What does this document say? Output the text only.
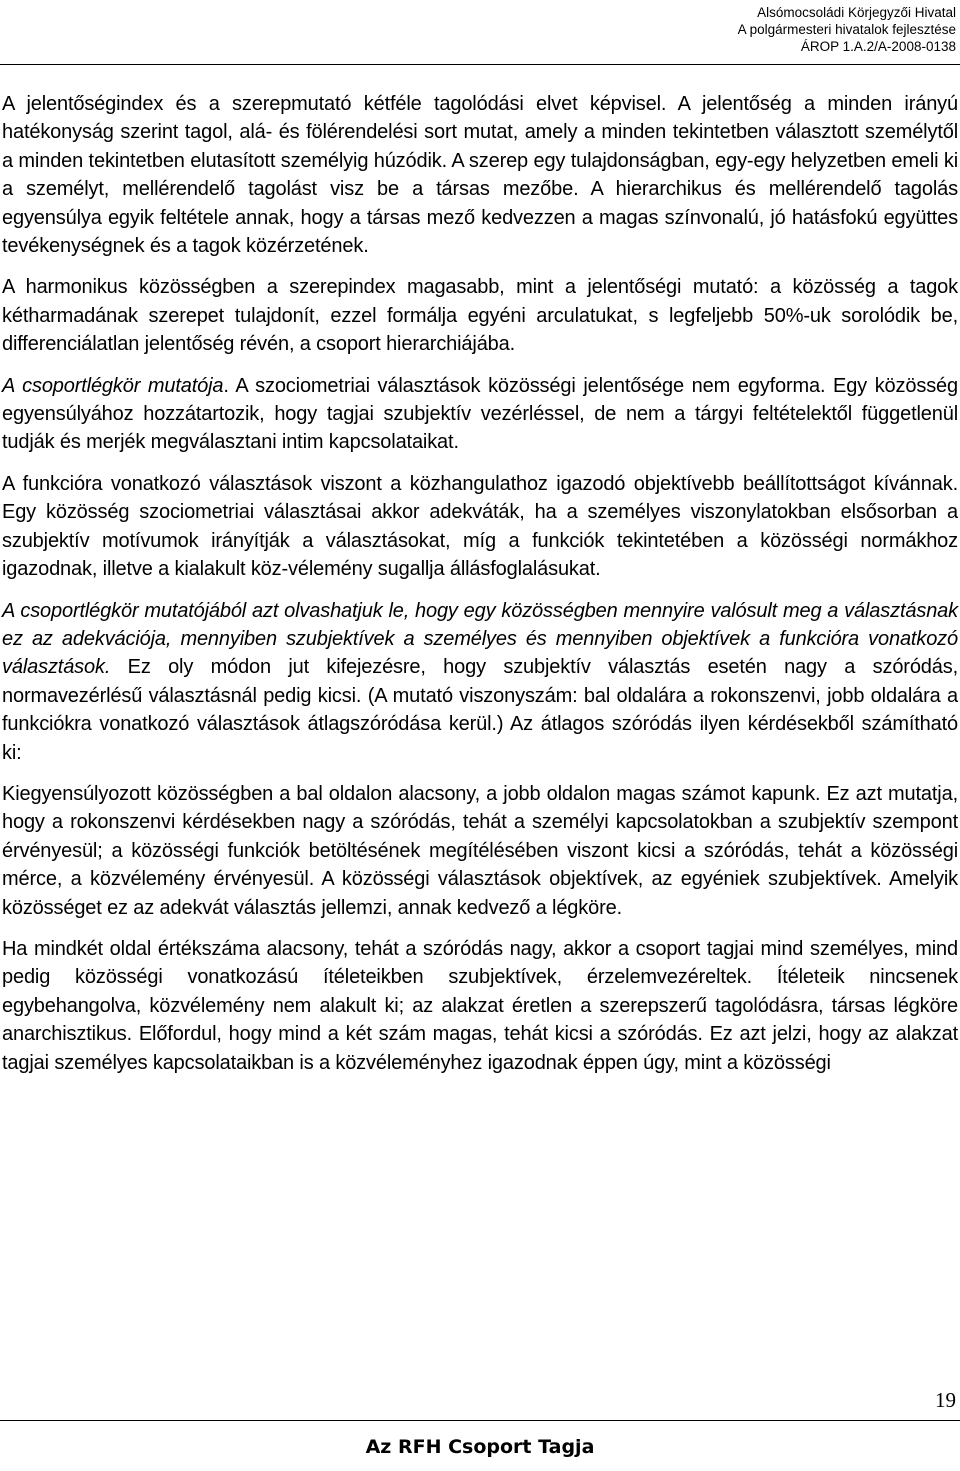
Alsómocsoládi Körjegyzői Hivatal
A polgármesteri hivatalok fejlesztése
ÁROP 1.A.2/A-2008-0138

A jelentőségindex és a szerepmutató kétféle tagolódási elvet képvisel. A jelentőség a minden irányú hatékonyság szerint tagol, alá- és fölérendelési sort mutat, amely a minden tekintetben választott személytől a minden tekintetben elutasított személyig húzódik. A szerep egy tulajdonságban, egy-egy helyzetben emeli ki a személyt, mellérendelő tagolást visz be a társas mezőbe. A hierarchikus és mellérendelő tagolás egyensúlya egyik feltétele annak, hogy a társas mező kedvezzen a magas színvonalú, jó hatásfokú együttes tevékenységnek és a tagok közérzetének.

A harmonikus közösségben a szerepindex magasabb, mint a jelentőségi mutató: a közösség a tagok kétharmadának szerepet tulajdonít, ezzel formálja egyéni arculatukat, s legfeljebb 50%-uk sorolódik be, differenciálatlan jelentőség révén, a csoport hierarchiájába.

A csoportlégkör mutatója. A szociometriai választások közösségi jelentősége nem egyforma. Egy közösség egyensúlyához hozzátartozik, hogy tagjai szubjektív vezérléssel, de nem a tárgyi feltételektől függetlenül tudják és merjék megválasztani intim kapcsolataikat.

A funkcióra vonatkozó választások viszont a közhangulathoz igazodó objektívebb beállítottságot kívánnak. Egy közösség szociometriai választásai akkor adekváták, ha a személyes viszonylatokban elsősorban a szubjektív motívumok irányítják a választásokat, míg a funkciók tekintetében a közösségi normákhoz igazodnak, illetve a kialakult köz-vélemény sugallja állásfoglalásukat.

A csoportlégkör mutatójából azt olvashatjuk le, hogy egy közösségben mennyire valósult meg a választásnak ez az adekvációja, mennyiben szubjektívek a személyes és mennyiben objektívek a funkcióra vonatkozó választások. Ez oly módon jut kifejezésre, hogy szubjektív választás esetén nagy a szóródás, normavezérlésű választásnál pedig kicsi. (A mutató viszonyszám: bal oldalára a rokonszenvi, jobb oldalára a funkciókra vonatkozó választások átlagszóródása kerül.) Az átlagos szóródás ilyen kérdésekből számítható ki:

Kiegyensúlyozott közösségben a bal oldalon alacsony, a jobb oldalon magas számot kapunk. Ez azt mutatja, hogy a rokonszenvi kérdésekben nagy a szóródás, tehát a személyi kapcsolatokban a szubjektív szempont érvényesül; a közösségi funkciók betöltésének megítélésében viszont kicsi a szóródás, tehát a közösségi mérce, a közvélemény érvényesül. A közösségi választások objektívek, az egyéniek szubjektívek. Amelyik közösséget ez az adekvát választás jellemzi, annak kedvező a légköre.

Ha mindkét oldal értékszáma alacsony, tehát a szóródás nagy, akkor a csoport tagjai mind személyes, mind pedig közösségi vonatkozású ítéleteikben szubjektívek, érzelemvezéreltek. Ítéleteik nincsenek egybehangolva, közvélemény nem alakult ki; az alakzat éretlen a szerepszerű tagolódásra, társas légköre anarchisztikus. Előfordul, hogy mind a két szám magas, tehát kicsi a szóródás. Ez azt jelzi, hogy az alakzat tagjai személyes kapcsolataikban is a közvéleményhez igazodnak éppen úgy, mint a közösségi

19
Az RFH Csoport Tagja
